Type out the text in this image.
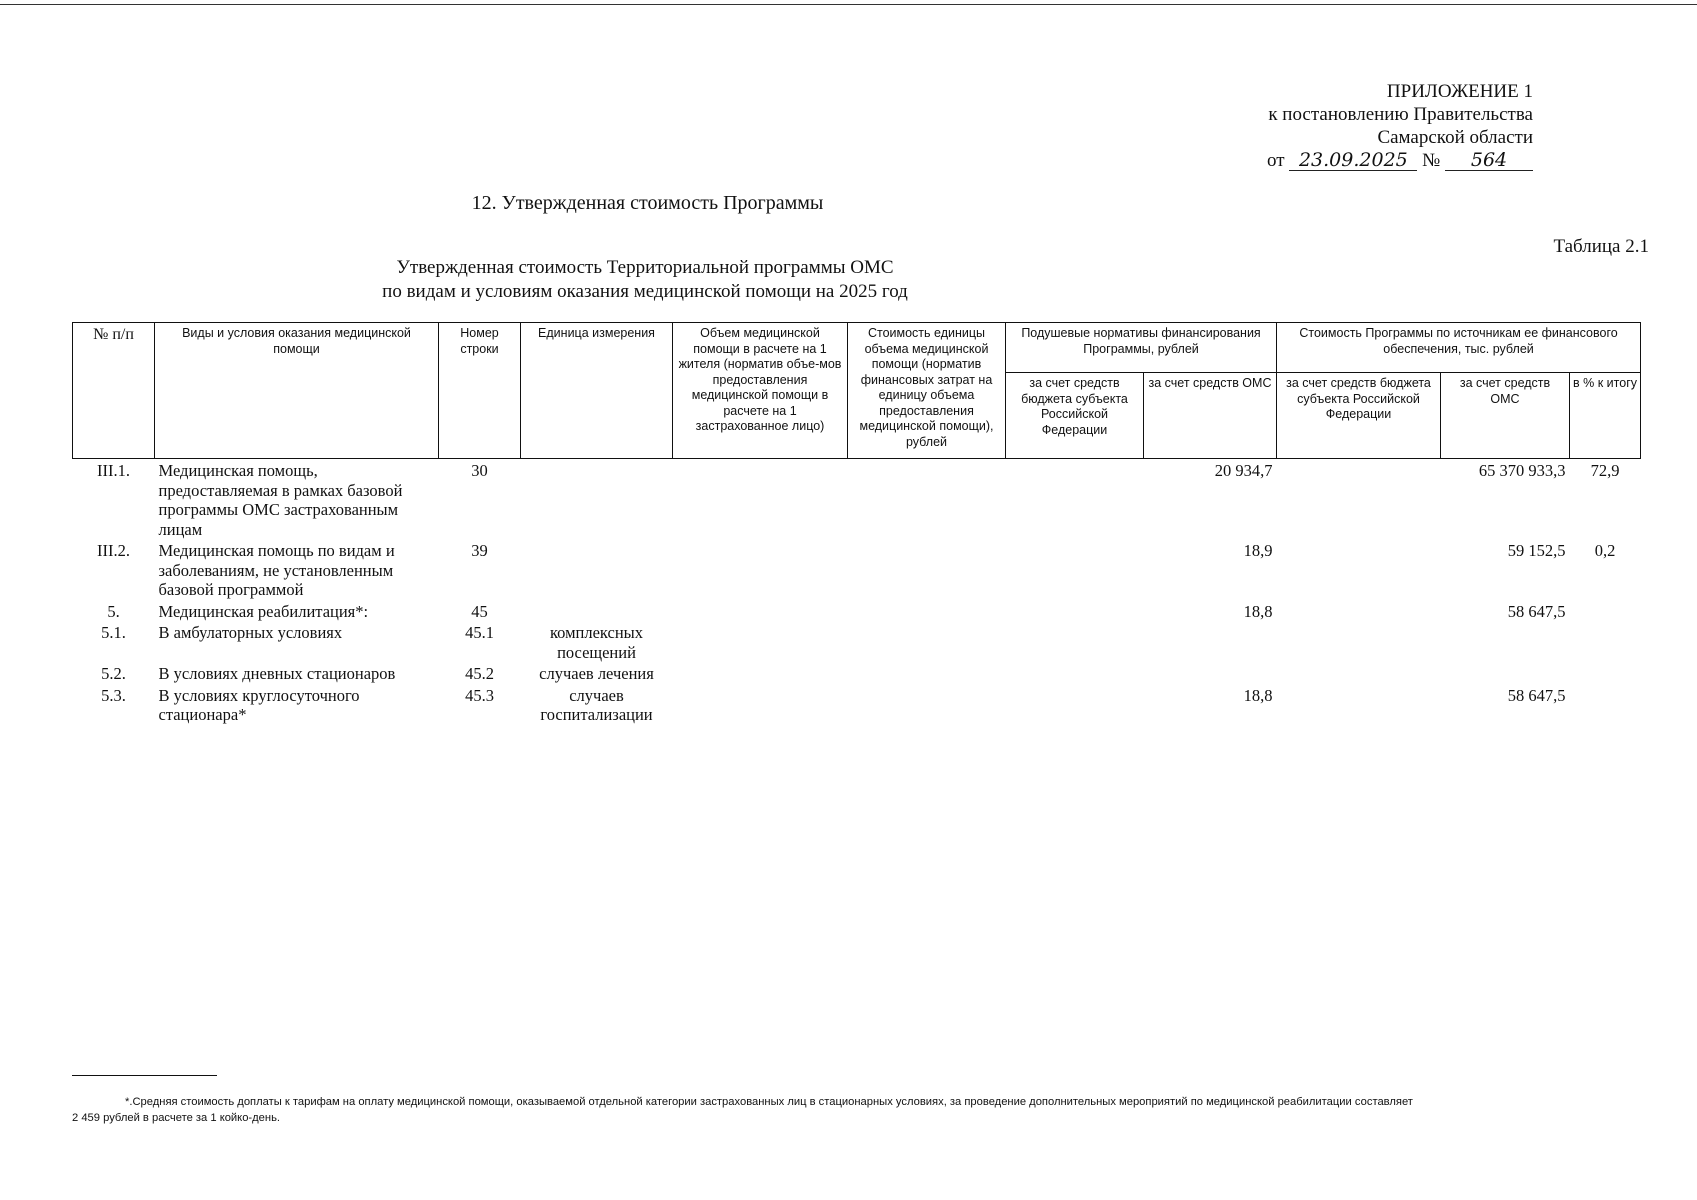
ПРИЛОЖЕНИЕ 1
к постановлению Правительства
Самарской области
от 23.09.2025 № 564
12. Утвержденная стоимость Программы
Таблица 2.1
Утвержденная стоимость Территориальной программы ОМС
по видам и условиям оказания медицинской помощи на 2025 год
№ п/п	Виды и условия оказания медицинской помощи	Номер строки	Единица измерения	Объем медицинской помощи в расчете на 1 жителя (норматив объе-мов предоставления медицинской помощи в расчете на 1 застрахованное лицо)	Стоимость единицы объема медицинской помощи (норматив финансовых затрат на единицу объема предоставления медицинской помощи), рублей	Подушевые нормативы финансирования Программы, рублей		Стоимость Программы по источникам ее финансового обеспечения, тыс. рублей		
						за счет средств бюджета субъекта Российской Федерации	за счет средств ОМС	за счет средств бюджета субъекта Российской Федерации	за счет средств ОМС	в % к итогу
III.1.	Медицинская помощь, предоставляемая в рамках базовой программы ОМС застрахованным лицам	30					20 934,7		65 370 933,3	72,9
III.2.	Медицинская помощь по видам и заболеваниям, не установленным базовой программой	39					18,9		59 152,5	0,2
5.	Медицинская реабилитация*:	45					18,8		58 647,5	
5.1.	В амбулаторных условиях	45.1	комплексных посещений							
5.2.	В условиях дневных стационаров	45.2	случаев лечения							
5.3.	В условиях круглосуточного стационара*	45.3	случаев госпитализации				18,8		58 647,5	
*.Средняя стоимость доплаты к тарифам на оплату медицинской помощи, оказываемой отдельной категории застрахованных лиц в стационарных условиях, за проведение дополнительных мероприятий по медицинской реабилитации составляет
2 459 рублей в расчете за 1 койко-день.
